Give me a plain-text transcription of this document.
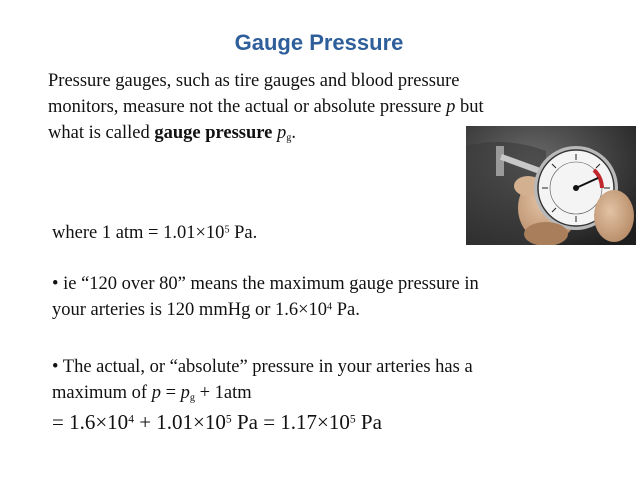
Gauge Pressure
Pressure gauges, such as tire gauges and blood pressure
monitors, measure not the actual or absolute pressure p but
what is called gauge pressure $p_g$.
where 1 atm = $1.01\times 10^5$ Pa.
• ie “120 over 80” means the maximum gauge pressure in
your arteries is 120 mmHg or $1.6\times 10^4$ Pa.
• The actual, or “absolute” pressure in your arteries has a
maximum of $p = p_g + 1atm$
= $1.6\times 10^4 + 1.01\times 10^5$ $Pa = 1.17\times 10^5$ Pa
